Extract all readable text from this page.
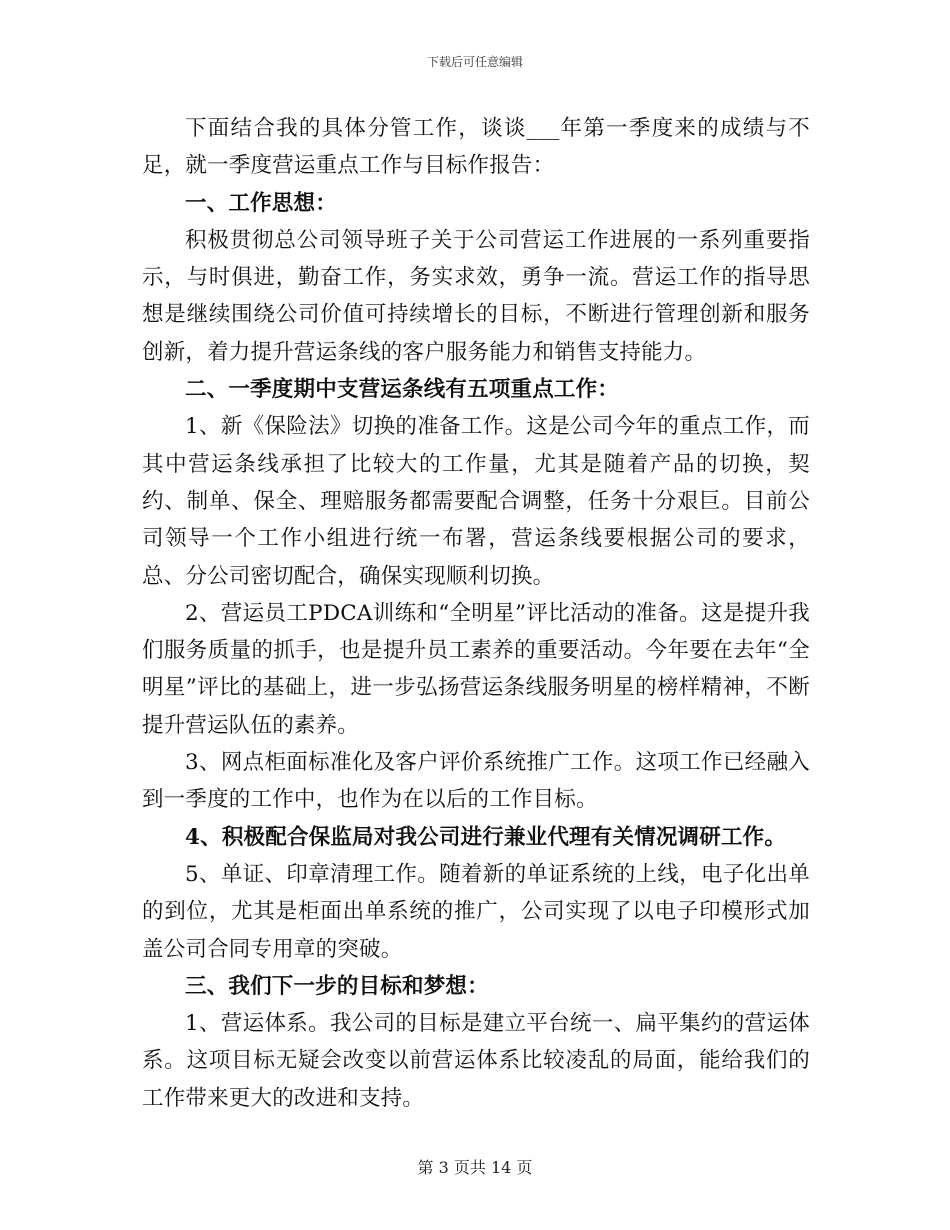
下载后可任意编辑

下面结合我的具体分管工作，谈谈___年第一季度来的成绩与不足，就一季度营运重点工作与目标作报告：

一、工作思想：

积极贯彻总公司领导班子关于公司营运工作进展的一系列重要指示，与时俱进，勤奋工作，务实求效，勇争一流。营运工作的指导思想是继续围绕公司价值可持续增长的目标，不断进行管理创新和服务创新，着力提升营运条线的客户服务能力和销售支持能力。

二、一季度期中支营运条线有五项重点工作：

1、新《保险法》切换的准备工作。这是公司今年的重点工作，而其中营运条线承担了比较大的工作量，尤其是随着产品的切换，契约、制单、保全、理赔服务都需要配合调整，任务十分艰巨。目前公司领导一个工作小组进行统一布署，营运条线要根据公司的要求，总、分公司密切配合，确保实现顺利切换。

2、营运员工PDCA训练和“全明星”评比活动的准备。这是提升我们服务质量的抓手，也是提升员工素养的重要活动。今年要在去年“全明星”评比的基础上，进一步弘扬营运条线服务明星的榜样精神，不断提升营运队伍的素养。

3、网点柜面标准化及客户评价系统推广工作。这项工作已经融入到一季度的工作中，也作为在以后的工作目标。

4、积极配合保监局对我公司进行兼业代理有关情况调研工作。

5、单证、印章清理工作。随着新的单证系统的上线，电子化出单的到位，尤其是柜面出单系统的推广，公司实现了以电子印模形式加盖公司合同专用章的突破。

三、我们下一步的目标和梦想：

1、营运体系。我公司的目标是建立平台统一、扁平集约的营运体系。这项目标无疑会改变以前营运体系比较凌乱的局面，能给我们的工作带来更大的改进和支持。

第 3 页共 14 页
